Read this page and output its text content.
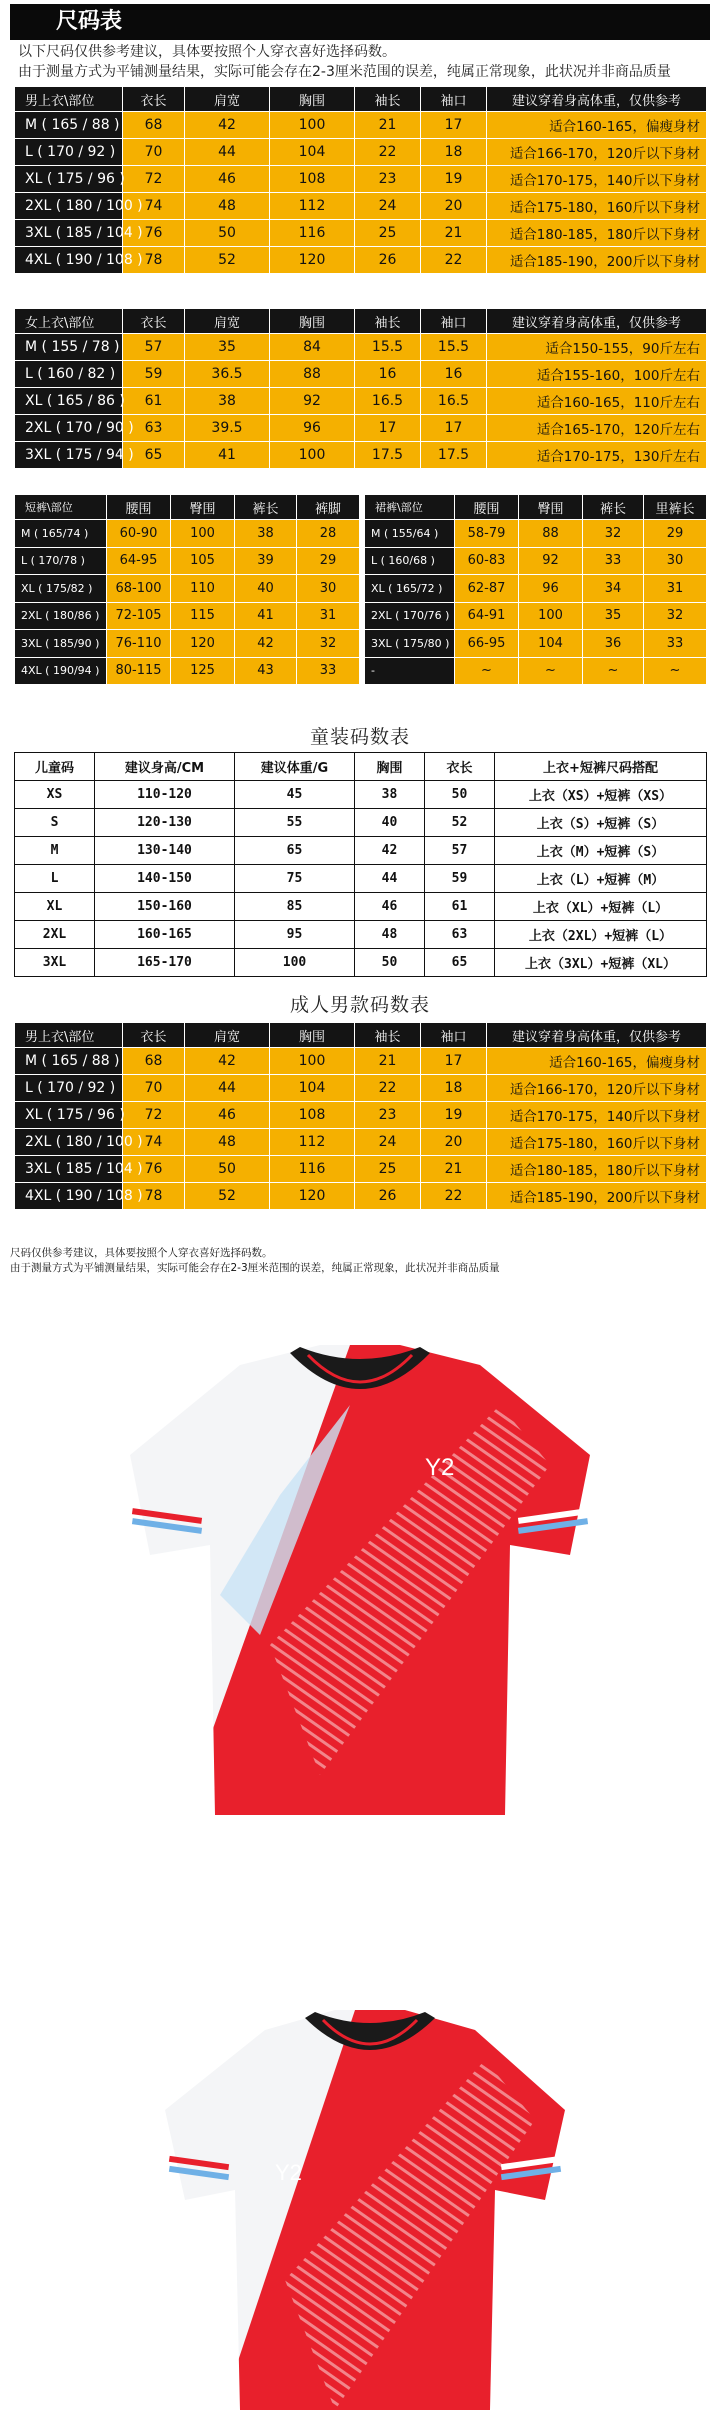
尺码表
以下尺码仅供参考建议，具体要按照个人穿衣喜好选择码数。
由于测量方式为平铺测量结果，实际可能会存在2-3厘米范围的误差，纯属正常现象，此状况并非商品质量
男上衣\部位	衣长	肩宽	胸围	袖长	袖口	建议穿着身高体重，仅供参考
M ( 165 / 88 )	68	42	100	21	17	适合160-165，偏瘦身材
L ( 170 / 92 )	70	44	104	22	18	适合166-170，120斤以下身材
XL ( 175 / 96 )	72	46	108	23	19	适合170-175，140斤以下身材
2XL ( 180 / 100 )	74	48	112	24	20	适合175-180，160斤以下身材
3XL ( 185 / 104 )	76	50	116	25	21	适合180-185，180斤以下身材
4XL ( 190 / 108 )	78	52	120	26	22	适合185-190，200斤以下身材
女上衣\部位	衣长	肩宽	胸围	袖长	袖口	建议穿着身高体重，仅供参考
M ( 155 / 78 )	57	35	84	15.5	15.5	适合150-155，90斤左右
L ( 160 / 82 )	59	36.5	88	16	16	适合155-160，100斤左右
XL ( 165 / 86 )	61	38	92	16.5	16.5	适合160-165，110斤左右
2XL ( 170 / 90 )	63	39.5	96	17	17	适合165-170，120斤左右
3XL ( 175 / 94 )	65	41	100	17.5	17.5	适合170-175，130斤左右
短裤\部位	腰围	臀围	裤长	裤脚
M ( 165/74 )	60-90	100	38	28
L ( 170/78 )	64-95	105	39	29
XL ( 175/82 )	68-100	110	40	30
2XL ( 180/86 )	72-105	115	41	31
3XL ( 185/90 )	76-110	120	42	32
4XL ( 190/94 )	80-115	125	43	33
裙裤\部位	腰围	臀围	裤长	里裤长
M ( 155/64 )	58-79	88	32	29
L ( 160/68 )	60-83	92	33	30
XL ( 165/72 )	62-87	96	34	31
2XL ( 170/76 )	64-91	100	35	32
3XL ( 175/80 )	66-95	104	36	33
-	~	~	~	~
童装码数表
儿童码	建议身高/CM	建议体重/G	胸围	衣长	上衣+短裤尺码搭配
XS	110-120	45	38	50	上衣（XS）+短裤（XS）
S	120-130	55	40	52	上衣（S）+短裤（S）
M	130-140	65	42	57	上衣（M）+短裤（S）
L	140-150	75	44	59	上衣（L）+短裤（M）
XL	150-160	85	46	61	上衣（XL）+短裤（L）
2XL	160-165	95	48	63	上衣（2XL）+短裤（L）
3XL	165-170	100	50	65	上衣（3XL）+短裤（XL）
成人男款码数表
男上衣\部位	衣长	肩宽	胸围	袖长	袖口	建议穿着身高体重，仅供参考
M ( 165 / 88 )	68	42	100	21	17	适合160-165，偏瘦身材
L ( 170 / 92 )	70	44	104	22	18	适合166-170，120斤以下身材
XL ( 175 / 96 )	72	46	108	23	19	适合170-175，140斤以下身材
2XL ( 180 / 100 )	74	48	112	24	20	适合175-180，160斤以下身材
3XL ( 185 / 104 )	76	50	116	25	21	适合180-185，180斤以下身材
4XL ( 190 / 108 )	78	52	120	26	22	适合185-190，200斤以下身材
尺码仅供参考建议，具体要按照个人穿衣喜好选择码数。
由于测量方式为平铺测量结果，实际可能会存在2-3厘米范围的误差，纯属正常现象，此状况并非商品质量
Y2
Y2
